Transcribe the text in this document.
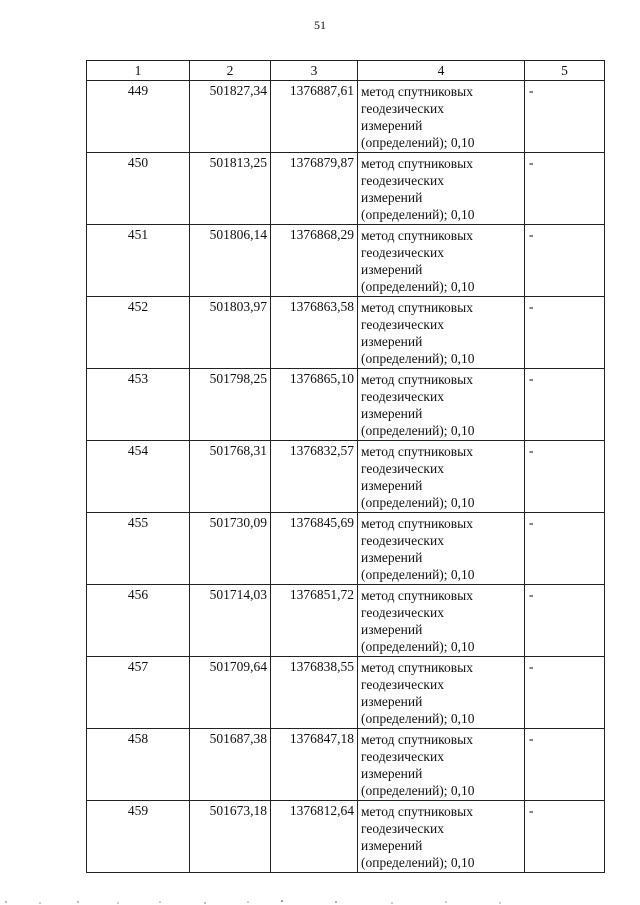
51
1	2	3	4	5
449	501827,34	1376887,61	метод спутниковых
геодезических
измерений
(определений); 0,10	-
450	501813,25	1376879,87	метод спутниковых
геодезических
измерений
(определений); 0,10	-
451	501806,14	1376868,29	метод спутниковых
геодезических
измерений
(определений); 0,10	-
452	501803,97	1376863,58	метод спутниковых
геодезических
измерений
(определений); 0,10	-
453	501798,25	1376865,10	метод спутниковых
геодезических
измерений
(определений); 0,10	-
454	501768,31	1376832,57	метод спутниковых
геодезических
измерений
(определений); 0,10	-
455	501730,09	1376845,69	метод спутниковых
геодезических
измерений
(определений); 0,10	-
456	501714,03	1376851,72	метод спутниковых
геодезических
измерений
(определений); 0,10	-
457	501709,64	1376838,55	метод спутниковых
геодезических
измерений
(определений); 0,10	-
458	501687,38	1376847,18	метод спутниковых
геодезических
измерений
(определений); 0,10	-
459	501673,18	1376812,64	метод спутниковых
геодезических
измерений
(определений); 0,10	-
